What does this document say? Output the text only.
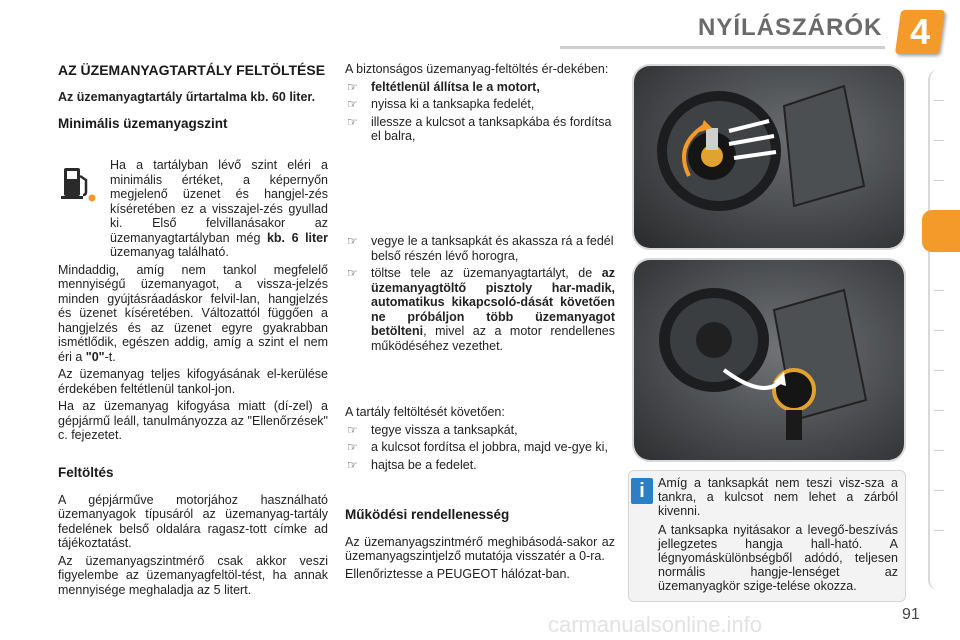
NYÍLÁSZÁRÓK 4
AZ ÜZEMANYAGTARTÁLY FELTÖLTÉSE

Az üzemanyagtartály űrtartalma kb. 60 liter.

Minimális üzemanyagszint

Ha a tartályban lévő szint eléri a minimális értéket, a képernyőn megjelenő üzenet és hangjel-zés kíséretében ez a visszajel-zés gyullad ki. Első felvillanásakor az üzemanyagtartályban még kb. 6 liter üzemanyag található.

Mindaddig, amíg nem tankol megfelelő mennyiségű üzemanyagot, a vissza-jelzés minden gyújtásráadáskor felvil-lan, hangjelzés és üzenet kíséretében. Változattól függően a hangjelzés és az üzenet egyre gyakrabban ismétlődik, egészen addig, amíg a szint el nem éri a "0"-t.

Az üzemanyag teljes kifogyásának el-kerülése érdekében feltétlenül tankol-jon.

Ha az üzemanyag kifogyása miatt (dí-zel) a gépjármű leáll, tanulmányozza az "Ellenőrzések" c. fejezetet.

Feltöltés

A gépjárműve motorjához használható üzemanyagok típusáról az üzemanyag-tartály fedelének belső oldalára ragasz-tott címke ad tájékoztatást.

Az üzemanyagszintmérő csak akkor veszi figyelembe az üzemanyagfeltöl-tést, ha annak mennyisége meghaladja az 5 litert.

A biztonságos üzemanyag-feltöltés ér-dekében:

☞ feltétlenül állítsa le a motort,
☞ nyissa ki a tanksapka fedelét,
☞ illessze a kulcsot a tanksapkába és fordítsa el balra,
☞ vegye le a tanksapkát és akassza rá a fedél belső részén lévő horogra,
☞ töltse tele az üzemanyagtartályt, de az üzemanyagtöltő pisztoly har-madik, automatikus kikapcsoló-dását követően ne próbáljon több üzemanyagot betölteni, mivel az a motor rendellenes működéséhez vezethet.

A tartály feltöltését követően:

☞ tegye vissza a tanksapkát,
☞ a kulcsot fordítsa el jobbra, majd ve-gye ki,
☞ hajtsa be a fedelet.
Működési rendellenesség

Az üzemanyagszintmérő meghibásodá-sakor az üzemanyagszintjelző mutatója visszatér a 0-ra.

Ellenőriztesse a PEUGEOT hálózat-ban.

i	Amíg a tanksapkát nem teszi visz-sza a tankra, a kulcsot nem lehet a zárból kivenni.

A tanksapka nyitásakor a levegő-beszívás jellegzetes hangja hall-ható. A légnyomáskülönbségből adódó, teljesen normális hangje-lenséget az üzemanyagkör szige-telése okozza.

carmanualsonline.info	91
